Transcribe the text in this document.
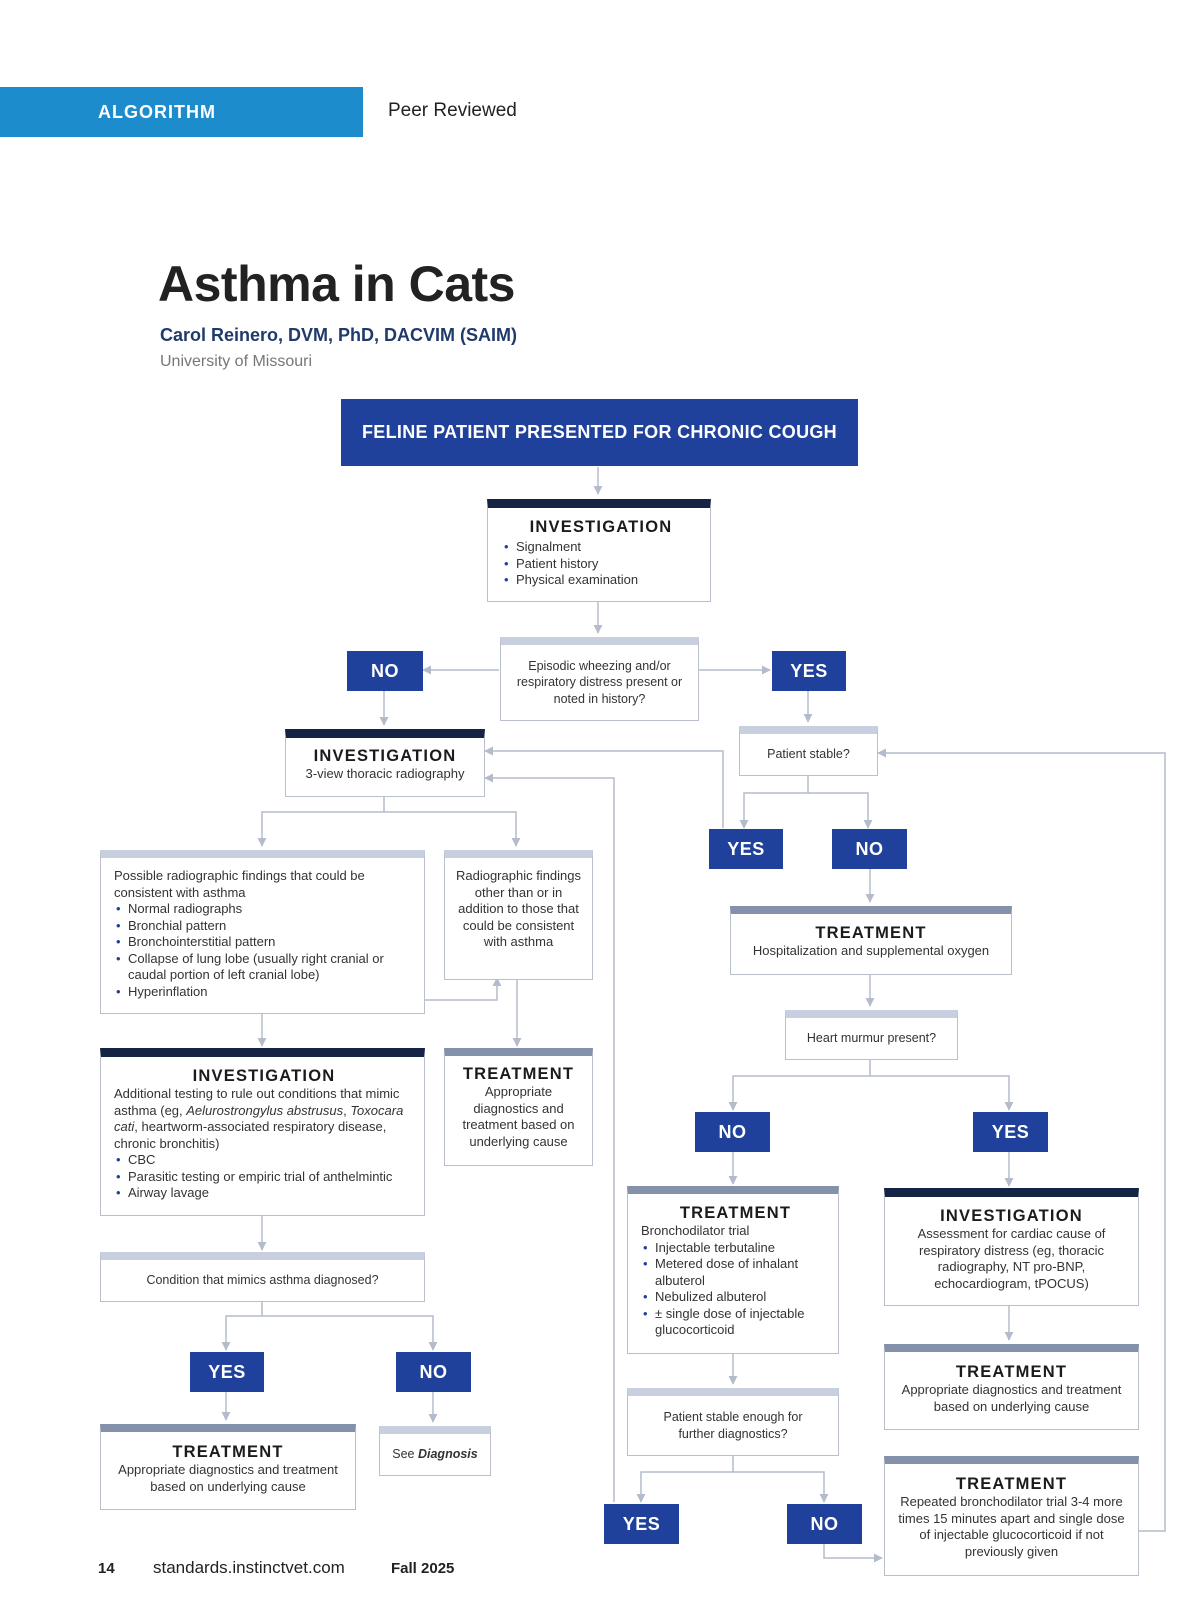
ALGORITHM	Peer Reviewed
Asthma in Cats
Carol Reinero, DVM, PhD, DACVIM (SAIM)
University of Missouri
FELINE PATIENT PRESENTED FOR CHRONIC COUGH
INVESTIGATION
• Signalment
• Patient history
• Physical examination
Episodic wheezing and/or respiratory distress present or noted in history?
NO	YES
INVESTIGATION
3-view thoracic radiography
Possible radiographic findings that could be consistent with asthma
• Normal radiographs
• Bronchial pattern
• Bronchointerstitial pattern
• Collapse of lung lobe (usually right cranial or caudal portion of left cranial lobe)
• Hyperinflation
Radiographic findings other than or in addition to those that could be consistent with asthma
INVESTIGATION
Additional testing to rule out conditions that mimic asthma (eg, Aelurostrongylus abstrusus, Toxocara cati, heartworm-associated respiratory disease, chronic bronchitis)
• CBC
• Parasitic testing or empiric trial of anthelmintic
• Airway lavage
TREATMENT
Appropriate diagnostics and treatment based on underlying cause
Condition that mimics asthma diagnosed?
YES	NO
TREATMENT
Appropriate diagnostics and treatment based on underlying cause
See Diagnosis
Patient stable?
YES	NO
TREATMENT
Hospitalization and supplemental oxygen
Heart murmur present?
NO	YES
TREATMENT
Bronchodilator trial
• Injectable terbutaline
• Metered dose of inhalant albuterol
• Nebulized albuterol
• ± single dose of injectable glucocorticoid
INVESTIGATION
Assessment for cardiac cause of respiratory distress (eg, thoracic radiography, NT pro-BNP, echocardiogram, tPOCUS)
TREATMENT
Appropriate diagnostics and treatment based on underlying cause
Patient stable enough for further diagnostics?
YES	NO
TREATMENT
Repeated bronchodilator trial 3-4 more times 15 minutes apart and single dose of injectable glucocorticoid if not previously given
14 standards.instinctvet.com	Fall 2025
